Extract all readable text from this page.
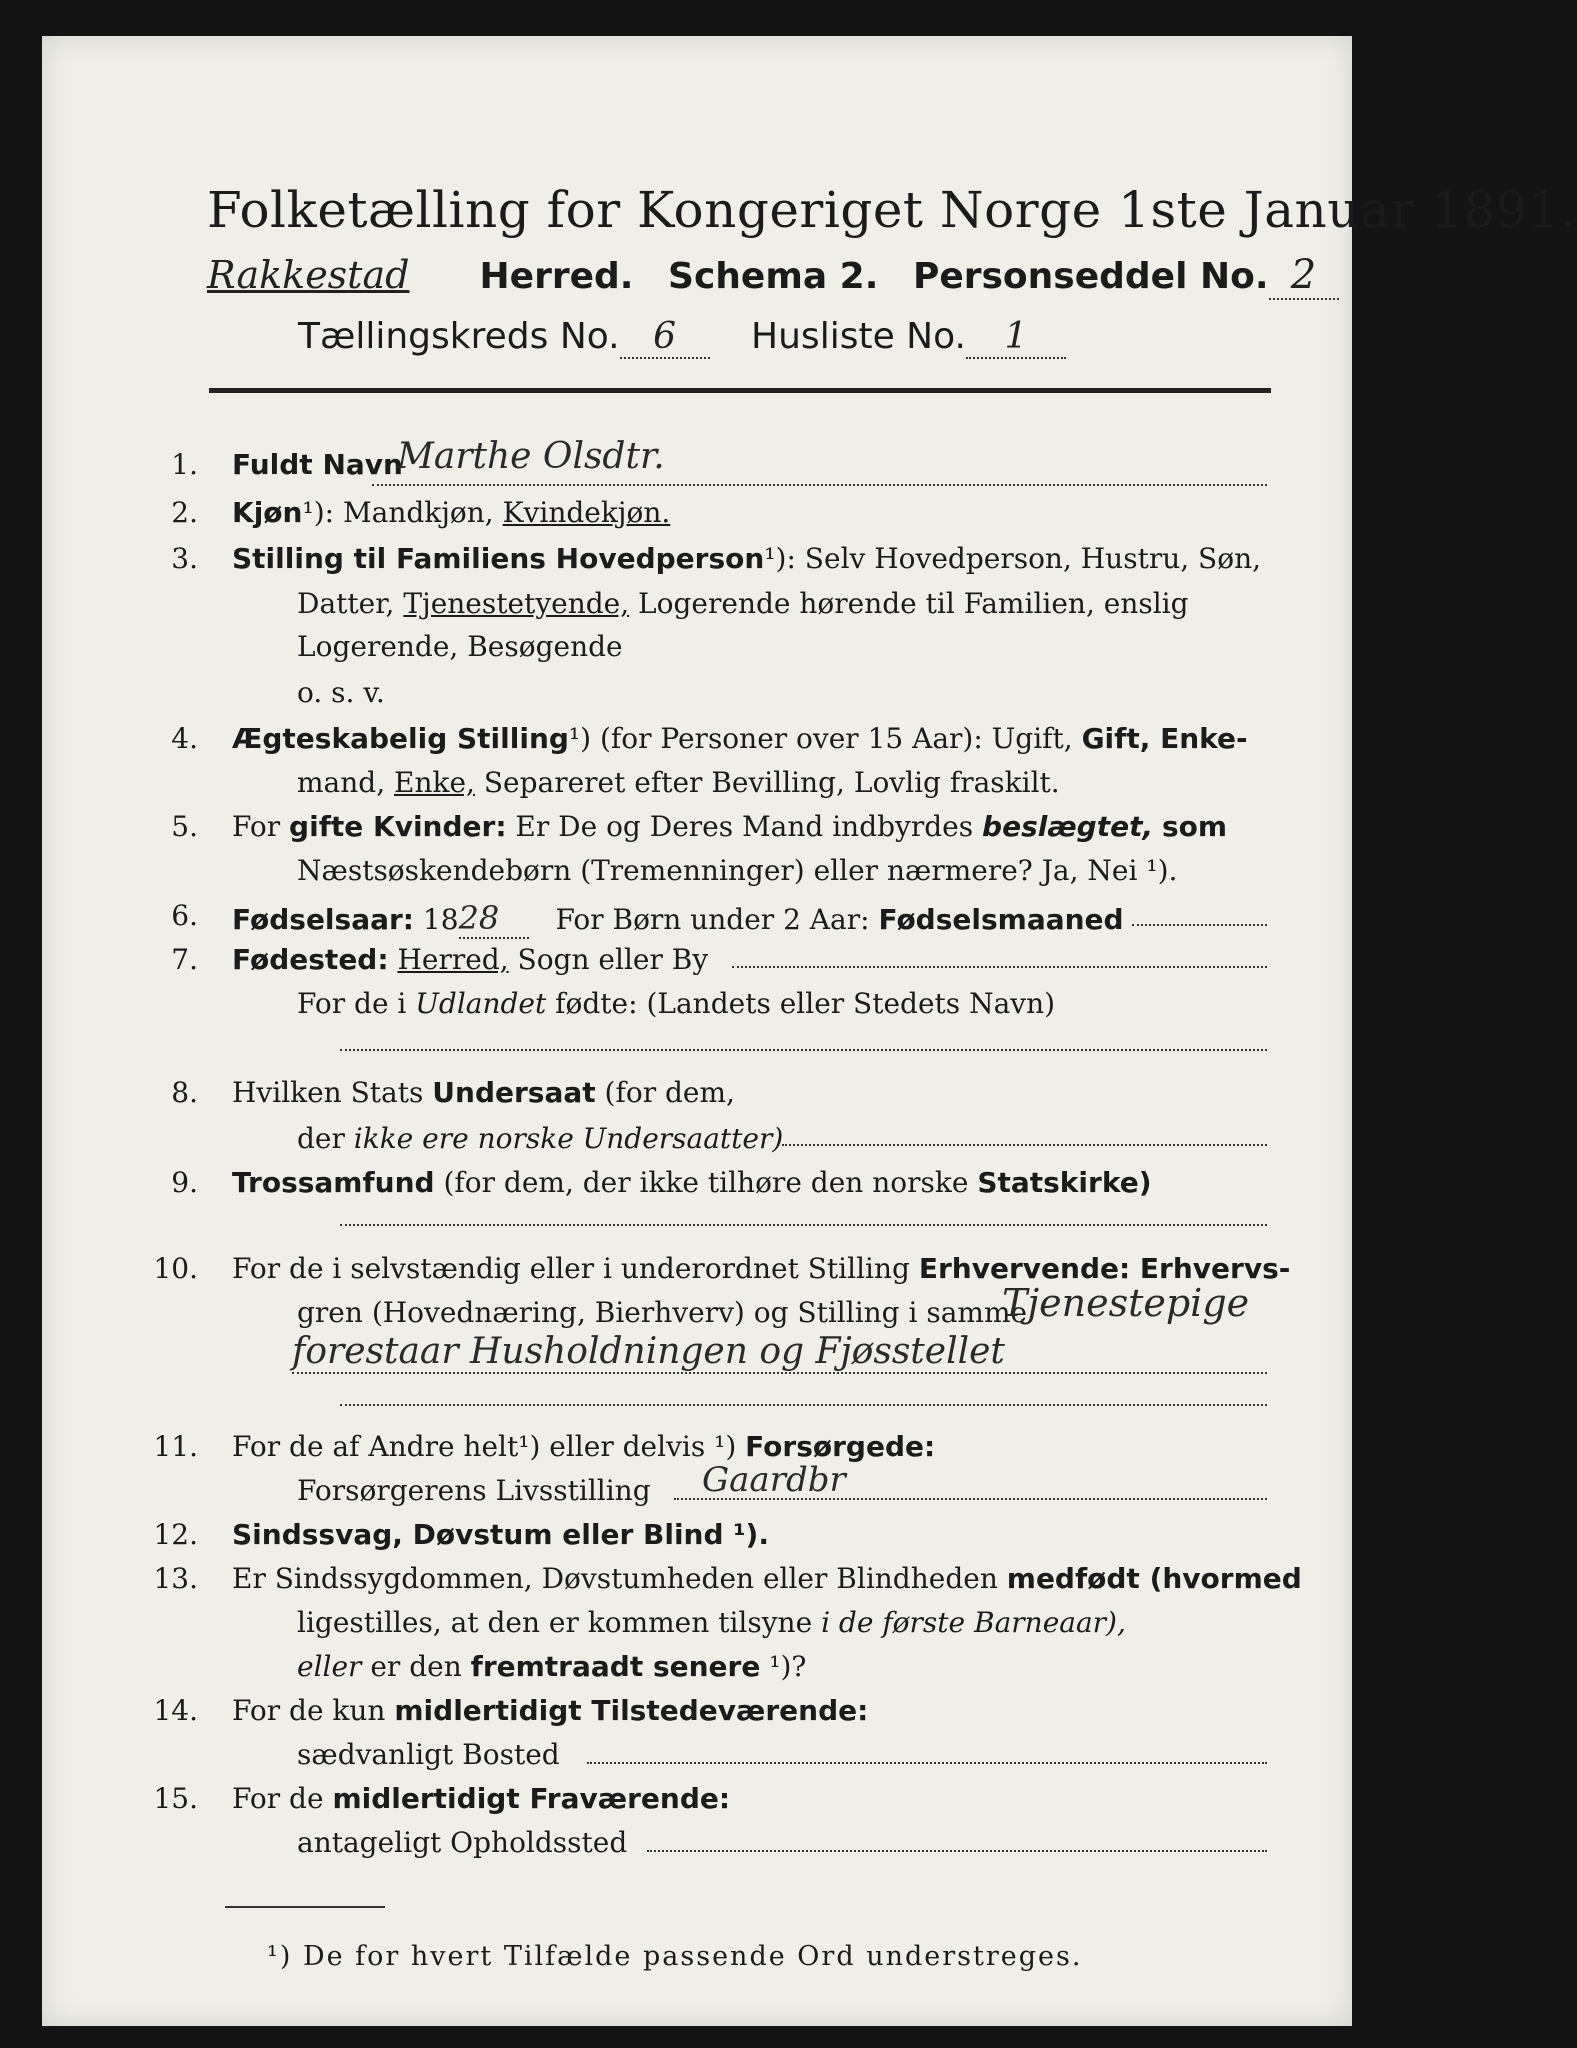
Folketælling for Kongeriget Norge 1ste Januar 1891.
Rakkestad Herred. Schema 2. Personseddel No. 2
Tællingskreds No. 6 Husliste No. 1
1. Fuldt Navn
Marthe Olsdtr.
2. Kjøn¹): Mandkjøn, Kvindekjøn.
3. Stilling til Familiens Hovedperson¹): Selv Hovedperson, Hustru, Søn,
Datter, Tjenestetyende, Logerende hørende til Familien, enslig
Logerende, Besøgende
o. s. v.
4. Ægteskabelig Stilling¹) (for Personer over 15 Aar): Ugift, Gift, Enke-
mand, Enke, Separeret efter Bevilling, Lovlig fraskilt.
5. For gifte Kvinder: Er De og Deres Mand indbyrdes beslægtet, som
Næstsøskendebørn (Tremenninger) eller nærmere? Ja, Nei ¹).
6. Fødselsaar: 1828 For Børn under 2 Aar: Fødselsmaaned
7. Fødested: Herred, Sogn eller By
For de i Udlandet fødte: (Landets eller Stedets Navn)
8. Hvilken Stats Undersaat (for dem,
der ikke ere norske Undersaatter)
9. Trossamfund (for dem, der ikke tilhøre den norske Statskirke)
10. For de i selvstændig eller i underordnet Stilling Erhvervende: Erhvervs-
gren (Hovednæring, Bierhverv) og Stilling i samme
Tjenestepige
forestaar Husholdningen og Fjøsstellet
11. For de af Andre helt¹) eller delvis ¹) Forsørgede:
Forsørgerens Livsstilling Gaardbr
12. Sindssvag, Døvstum eller Blind ¹).
13. Er Sindssygdommen, Døvstumheden eller Blindheden medfødt (hvormed
ligestilles, at den er kommen tilsyne i de første Barneaar),
eller er den fremtraadt senere ¹)?
14. For de kun midlertidigt Tilstedeværende:
sædvanligt Bosted
15. For de midlertidigt Fraværende:
antageligt Opholdssted
¹) De for hvert Tilfælde passende Ord understreges.
